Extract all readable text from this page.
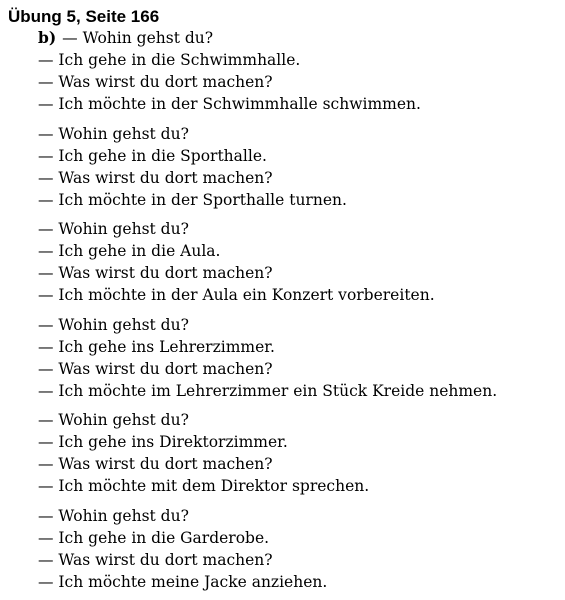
Übung 5, Seite 166
b) — Wohin gehst du?
— Ich gehe in die Schwimmhalle.
— Was wirst du dort machen?
— Ich möchte in der Schwimmhalle schwimmen.
— Wohin gehst du?
— Ich gehe in die Sporthalle.
— Was wirst du dort machen?
— Ich möchte in der Sporthalle turnen.
— Wohin gehst du?
— Ich gehe in die Aula.
— Was wirst du dort machen?
— Ich möchte in der Aula ein Konzert vorbereiten.
— Wohin gehst du?
— Ich gehe ins Lehrerzimmer.
— Was wirst du dort machen?
— Ich möchte im Lehrerzimmer ein Stück Kreide nehmen.
— Wohin gehst du?
— Ich gehe ins Direktorzimmer.
— Was wirst du dort machen?
— Ich möchte mit dem Direktor sprechen.
— Wohin gehst du?
— Ich gehe in die Garderobe.
— Was wirst du dort machen?
— Ich möchte meine Jacke anziehen.
